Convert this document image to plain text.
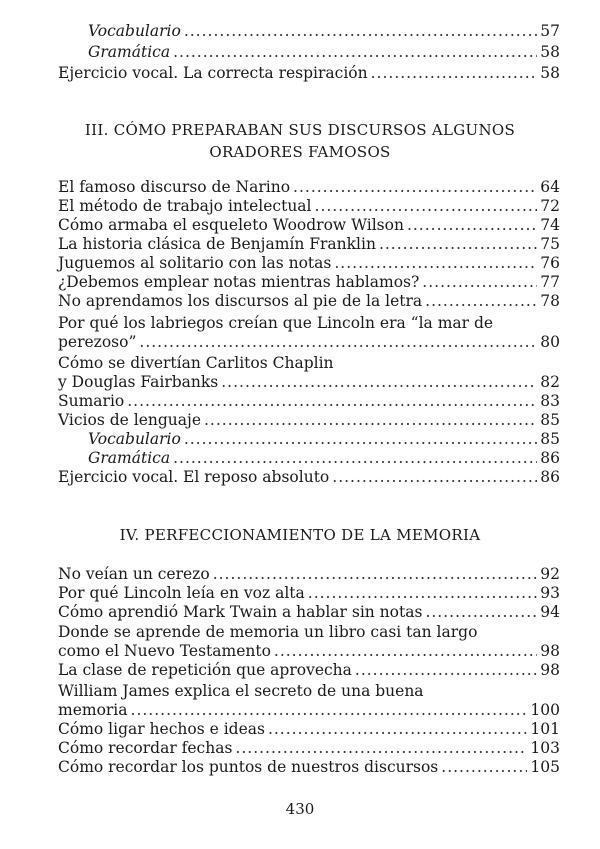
Vocabulario .....	57
Gramática .....	58
Ejercicio vocal. La correcta respiración .....	58
III. CÓMO PREPARABAN SUS DISCURSOS ALGUNOS
ORADORES FAMOSOS
El famoso discurso de Narino .....	64
El método de trabajo intelectual .....	72
Cómo armaba el esqueleto Woodrow Wilson .....	74
La historia clásica de Benjamín Franklin .....	75
Juguemos al solitario con las notas .....	76
¿Debemos emplear notas mientras hablamos? .....	77
No aprendamos los discursos al pie de la letra .....	78
Por qué los labriegos creían que Lincoln era “la mar de
perezoso” .....	80
Cómo se divertían Carlitos Chaplin
y Douglas Fairbanks .....	82
Sumario .....	83
Vicios de lenguaje .....	85
Vocabulario .....	85
Gramática .....	86
Ejercicio vocal. El reposo absoluto .....	86
IV. PERFECCIONAMIENTO DE LA MEMORIA
No veían un cerezo .....	92
Por qué Lincoln leía en voz alta .....	93
Cómo aprendió Mark Twain a hablar sin notas .....	94
Donde se aprende de memoria un libro casi tan largo
como el Nuevo Testamento .....	98
La clase de repetición que aprovecha .....	98
William James explica el secreto de una buena
memoria .....	100
Cómo ligar hechos e ideas .....	101
Cómo recordar fechas .....	103
Cómo recordar los puntos de nuestros discursos .....	105
430
